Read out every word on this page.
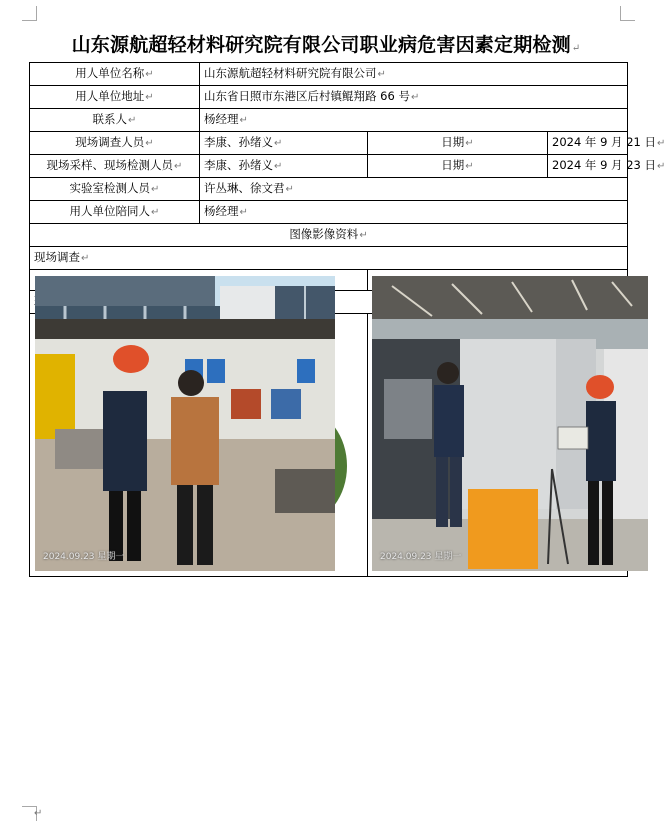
山东源航超轻材料研究院有限公司职业病危害因素定期检测↵
用人单位名称↵	山东源航超轻材料研究院有限公司↵		
用人单位地址↵	山东省日照市东港区后村镇鲲翔路 66 号↵		
联系人↵	杨经理↵		
现场调查人员↵	李康、孙绪义↵	日期↵	2024 年 9 月 21 日↵
现场采样、现场检测人员↵	李康、孙绪义↵	日期↵	2024 年 9 月 23 日↵
实验室检测人员↵	许丛琳、徐文君↵		
用人单位陪同人↵	杨经理↵		
图像影像资料↵			
现场调查↵			

2024.09.23 星期一		2024.09.23 星期一	
↵
